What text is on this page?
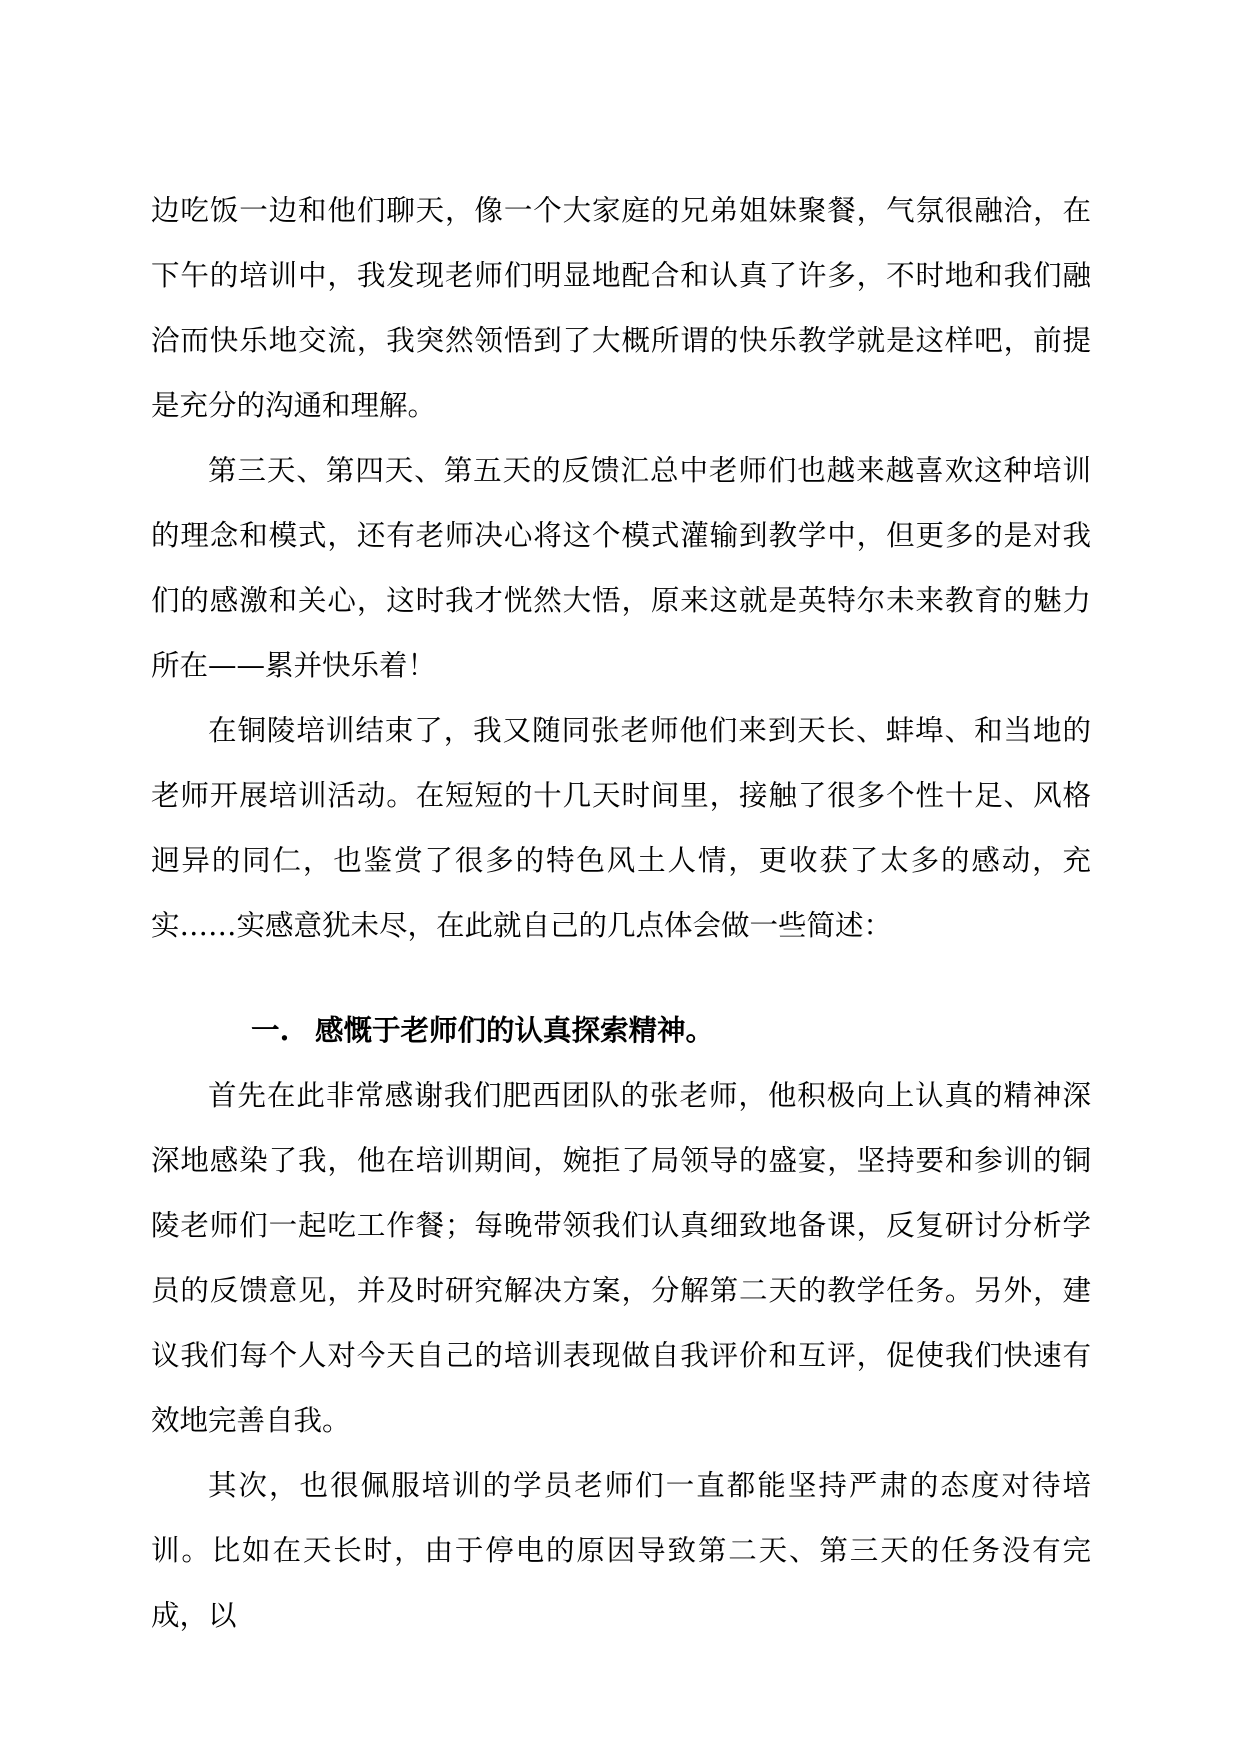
边吃饭一边和他们聊天，像一个大家庭的兄弟姐妹聚餐，气氛很融洽，在下午的培训中，我发现老师们明显地配合和认真了许多，不时地和我们融洽而快乐地交流，我突然领悟到了大概所谓的快乐教学就是这样吧，前提是充分的沟通和理解。

第三天、第四天、第五天的反馈汇总中老师们也越来越喜欢这种培训的理念和模式，还有老师决心将这个模式灌输到教学中，但更多的是对我们的感激和关心，这时我才恍然大悟，原来这就是英特尔未来教育的魅力所在——累并快乐着！

在铜陵培训结束了，我又随同张老师他们来到天长、蚌埠、和当地的老师开展培训活动。在短短的十几天时间里，接触了很多个性十足、风格迥异的同仁，也鉴赏了很多的特色风土人情，更收获了太多的感动，充实……实感意犹未尽，在此就自己的几点体会做一些简述：

一. 感慨于老师们的认真探索精神。

首先在此非常感谢我们肥西团队的张老师，他积极向上认真的精神深深地感染了我，他在培训期间，婉拒了局领导的盛宴，坚持要和参训的铜陵老师们一起吃工作餐；每晚带领我们认真细致地备课，反复研讨分析学员的反馈意见，并及时研究解决方案，分解第二天的教学任务。另外，建议我们每个人对今天自己的培训表现做自我评价和互评，促使我们快速有效地完善自我。

其次，也很佩服培训的学员老师们一直都能坚持严肃的态度对待培训。比如在天长时，由于停电的原因导致第二天、第三天的任务没有完成，以
